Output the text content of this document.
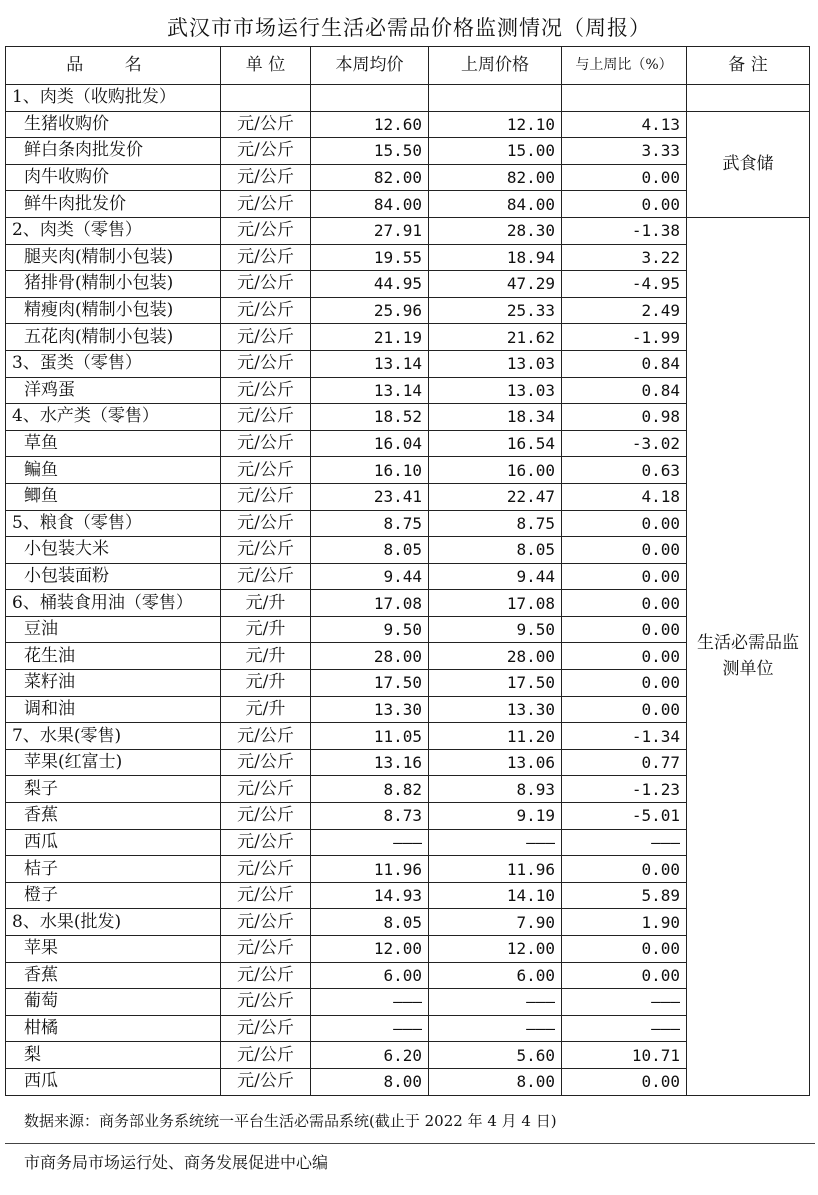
武汉市市场运行生活必需品价格监测情况（周报）
品 名	单 位	本周均价	上周价格	与上周比（%）	备 注
1、肉类（收购批发）					
生猪收购价	元/公斤	12.60	12.10	4.13	武食储
鲜白条肉批发价	元/公斤	15.50	15.00	3.33	
肉牛收购价	元/公斤	82.00	82.00	0.00	
鲜牛肉批发价	元/公斤	84.00	84.00	0.00	
2、肉类（零售）	元/公斤	27.91	28.30	-1.38	生活必需品监测单位
腿夹肉(精制小包装)	元/公斤	19.55	18.94	3.22	
猪排骨(精制小包装)	元/公斤	44.95	47.29	-4.95	
精瘦肉(精制小包装)	元/公斤	25.96	25.33	2.49	
五花肉(精制小包装)	元/公斤	21.19	21.62	-1.99	
3、蛋类（零售）	元/公斤	13.14	13.03	0.84	
洋鸡蛋	元/公斤	13.14	13.03	0.84	
4、水产类（零售）	元/公斤	18.52	18.34	0.98	
草鱼	元/公斤	16.04	16.54	-3.02	
鳊鱼	元/公斤	16.10	16.00	0.63	
鲫鱼	元/公斤	23.41	22.47	4.18	
5、粮食（零售）	元/公斤	8.75	8.75	0.00	
小包装大米	元/公斤	8.05	8.05	0.00	
小包装面粉	元/公斤	9.44	9.44	0.00	
6、桶装食用油（零售）	元/升	17.08	17.08	0.00	
豆油	元/升	9.50	9.50	0.00	
花生油	元/升	28.00	28.00	0.00	
菜籽油	元/升	17.50	17.50	0.00	
调和油	元/升	13.30	13.30	0.00	
7、水果(零售)	元/公斤	11.05	11.20	-1.34	
苹果(红富士)	元/公斤	13.16	13.06	0.77	
梨子	元/公斤	8.82	8.93	-1.23	
香蕉	元/公斤	8.73	9.19	-5.01	
西瓜	元/公斤	———	———	———	
桔子	元/公斤	11.96	11.96	0.00	
橙子	元/公斤	14.93	14.10	5.89	
8、水果(批发)	元/公斤	8.05	7.90	1.90	
苹果	元/公斤	12.00	12.00	0.00	
香蕉	元/公斤	6.00	6.00	0.00	
葡萄	元/公斤	———	———	———	
柑橘	元/公斤	———	———	———	
梨	元/公斤	6.20	5.60	10.71	
西瓜	元/公斤	8.00	8.00	0.00	
数据来源：商务部业务系统统一平台生活必需品系统(截止于 2022 年 4 月 4 日)
市商务局市场运行处、商务发展促进中心编
